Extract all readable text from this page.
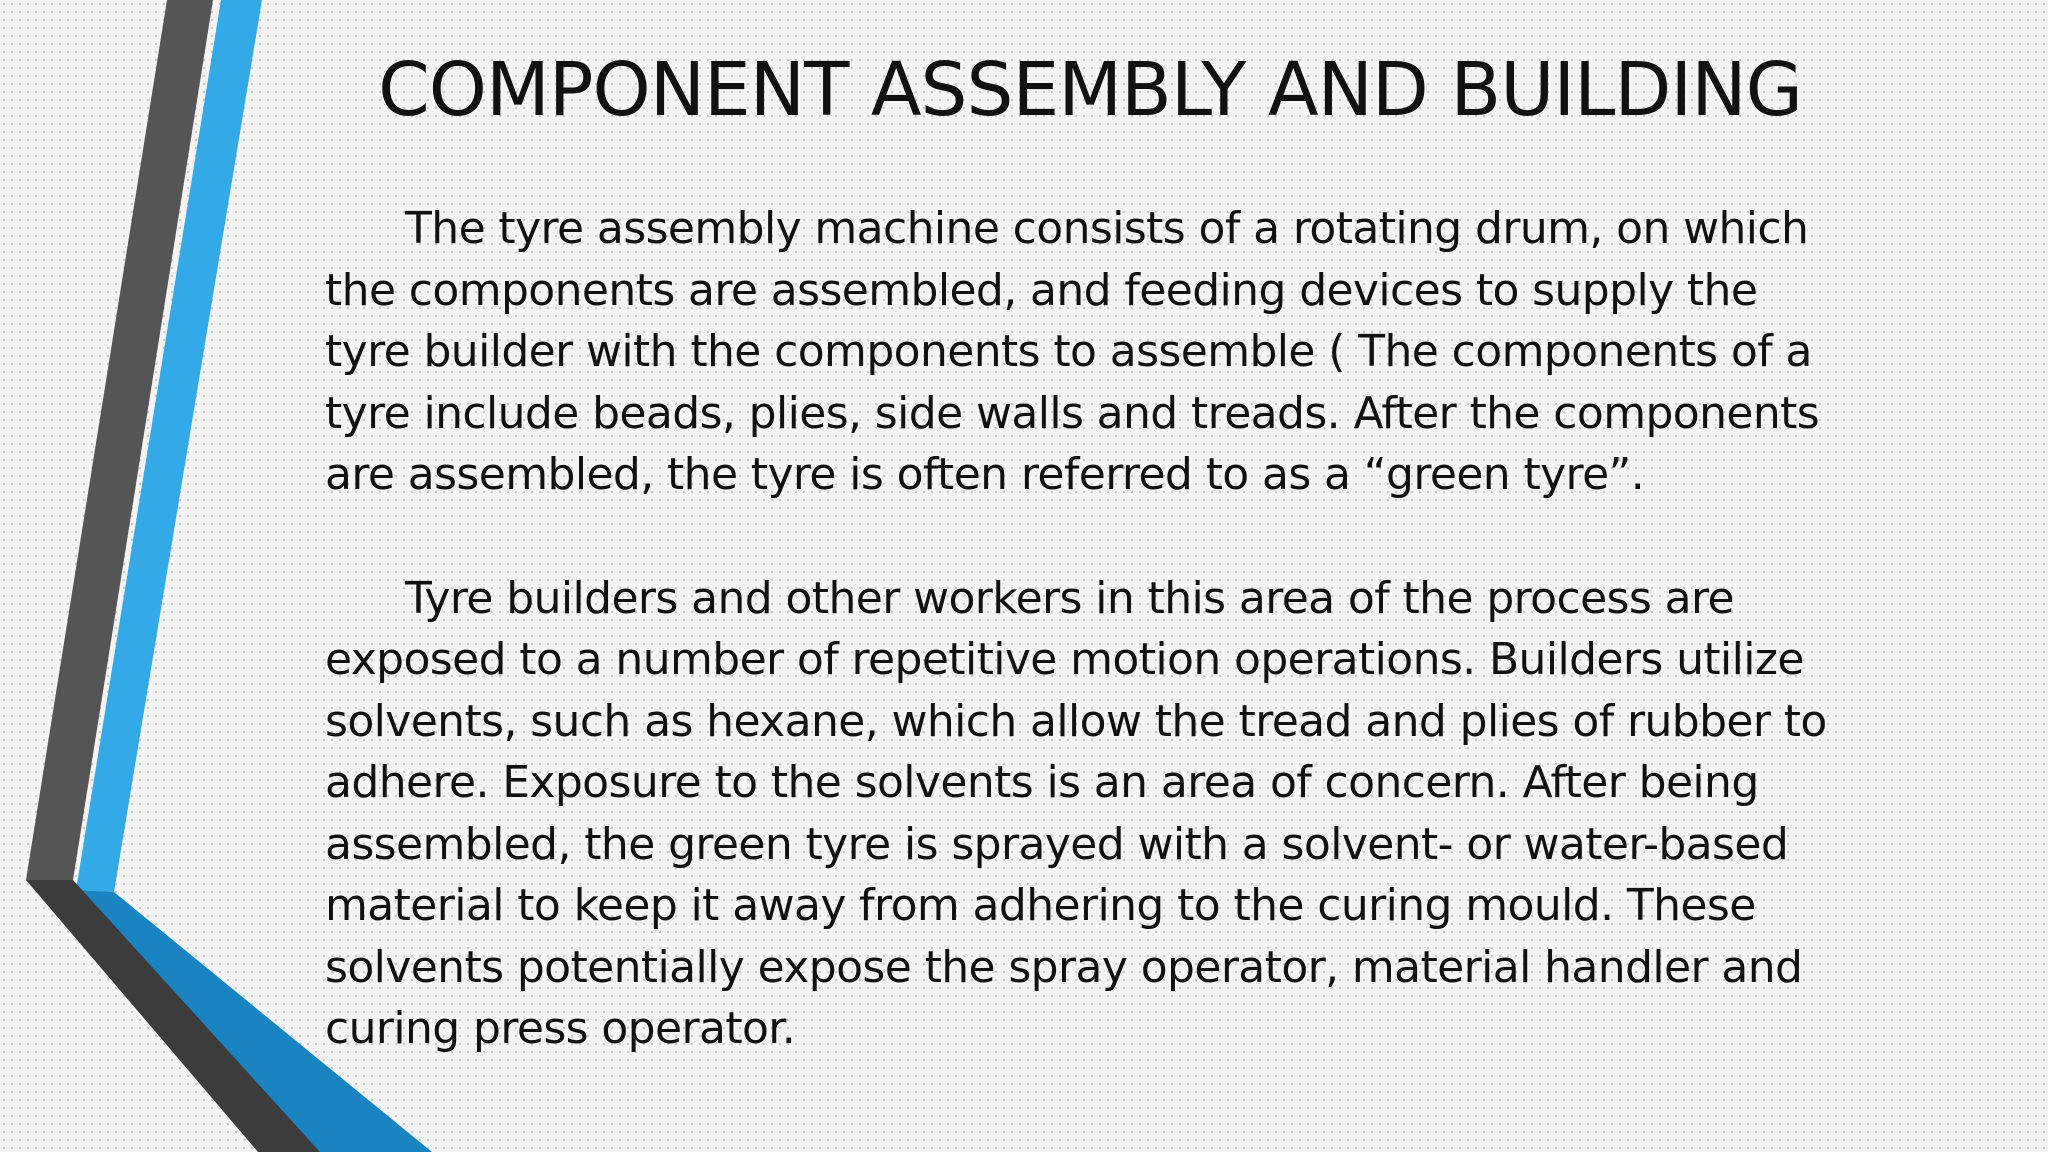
COMPONENT ASSEMBLY AND BUILDING

The tyre assembly machine consists of a rotating drum, on which the components are assembled, and feeding devices to supply the tyre builder with the components to assemble ( The components of a tyre include beads, plies, side walls and treads. After the components are assembled, the tyre is often referred to as a “green tyre”.

Tyre builders and other workers in this area of the process are exposed to a number of repetitive motion operations. Builders utilize solvents, such as hexane, which allow the tread and plies of rubber to adhere. Exposure to the solvents is an area of concern. After being assembled, the green tyre is sprayed with a solvent- or water-based material to keep it away from adhering to the curing mould. These solvents potentially expose the spray operator, material handler and curing press operator.
